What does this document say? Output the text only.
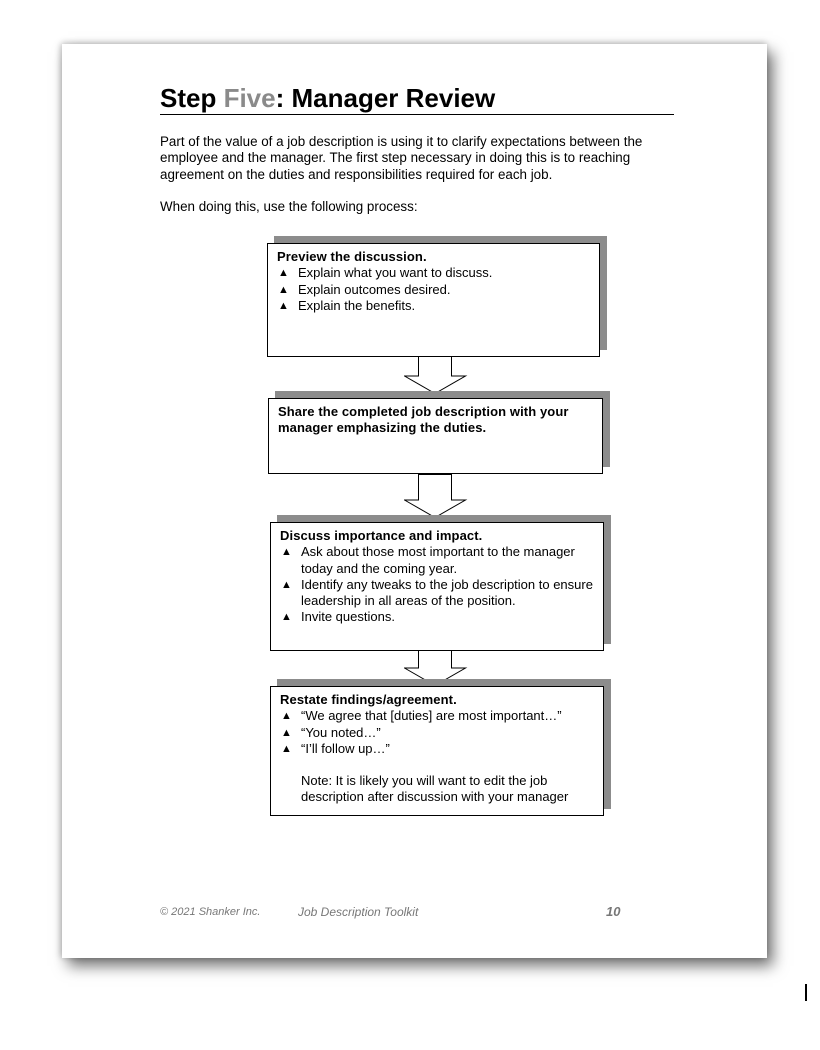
Step Five: Manager Review

Part of the value of a job description is using it to clarify expectations between the employee and the manager. The first step necessary in doing this is to reaching agreement on the duties and responsibilities required for each job.

When doing this, use the following process:

Preview the discussion.
▲ Explain what you want to discuss.
▲ Explain outcomes desired.
▲ Explain the benefits.
Share the completed job description with your manager emphasizing the duties.
Discuss importance and impact.
▲ Ask about those most important to the manager today and the coming year.
▲ Identify any tweaks to the job description to ensure leadership in all areas of the position.
▲ Invite questions.
Restate findings/agreement.
▲ “We agree that [duties] are most important…”
▲ “You noted…”
▲ “I’ll follow up…”
Note: It is likely you will want to edit the job description after discussion with your manager
© 2021 Shanker Inc.	Job Description Toolkit	10
